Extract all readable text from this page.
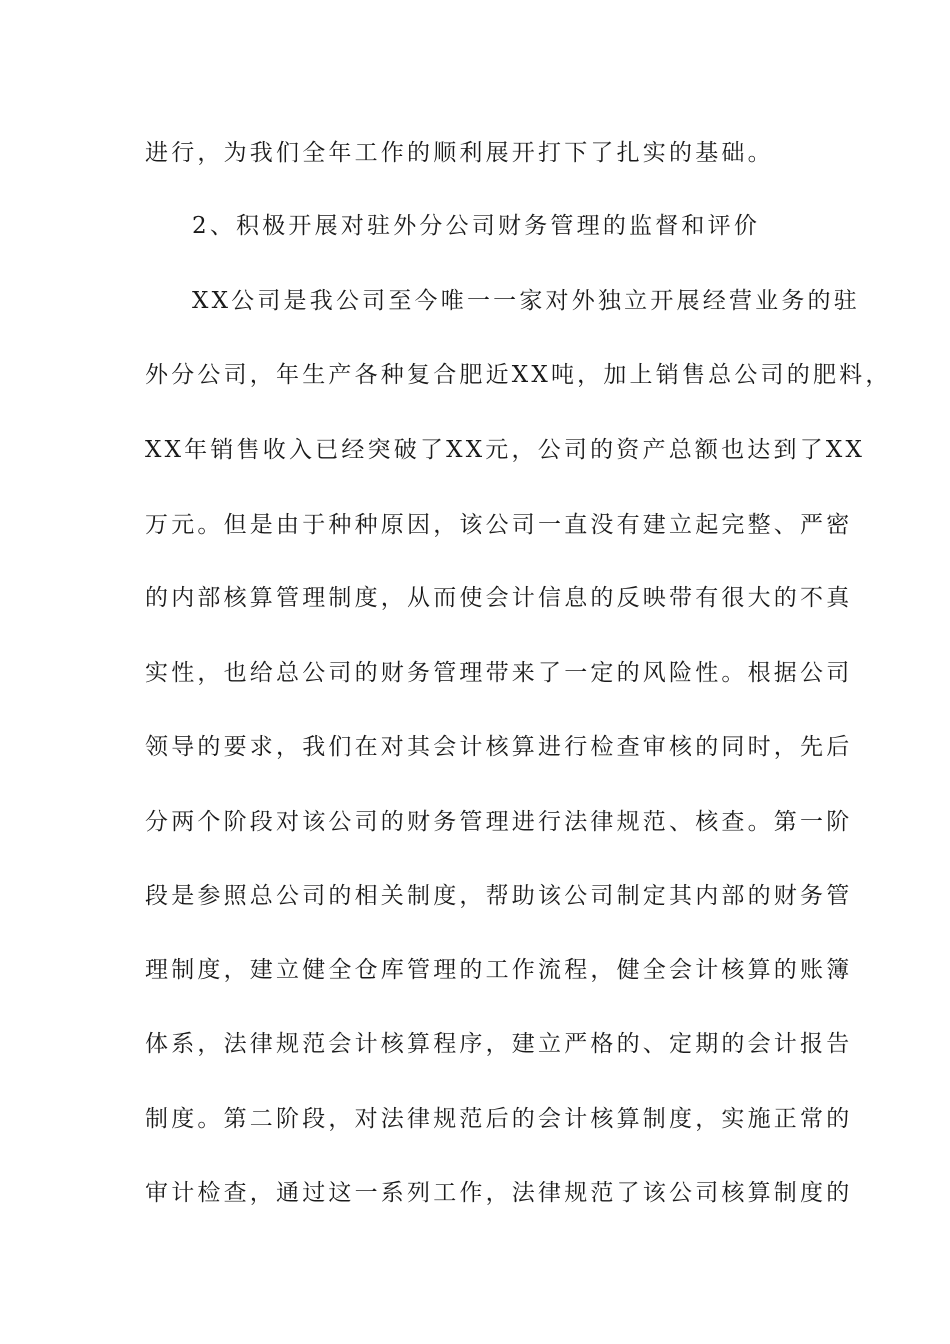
进行，为我们全年工作的顺利展开打下了扎实的基础。
2、积极开展对驻外分公司财务管理的监督和评价
XX公司是我公司至今唯一一家对外独立开展经营业务的驻
外分公司，年生产各种复合肥近XX吨，加上销售总公司的肥料，
XX年销售收入已经突破了XX元，公司的资产总额也达到了XX
万元。但是由于种种原因，该公司一直没有建立起完整、严密
的内部核算管理制度，从而使会计信息的反映带有很大的不真
实性，也给总公司的财务管理带来了一定的风险性。根据公司
领导的要求，我们在对其会计核算进行检查审核的同时，先后
分两个阶段对该公司的财务管理进行法律规范、核查。第一阶
段是参照总公司的相关制度，帮助该公司制定其内部的财务管
理制度，建立健全仓库管理的工作流程，健全会计核算的账簿
体系，法律规范会计核算程序，建立严格的、定期的会计报告
制度。第二阶段，对法律规范后的会计核算制度，实施正常的
审计检查，通过这一系列工作，法律规范了该公司核算制度的
